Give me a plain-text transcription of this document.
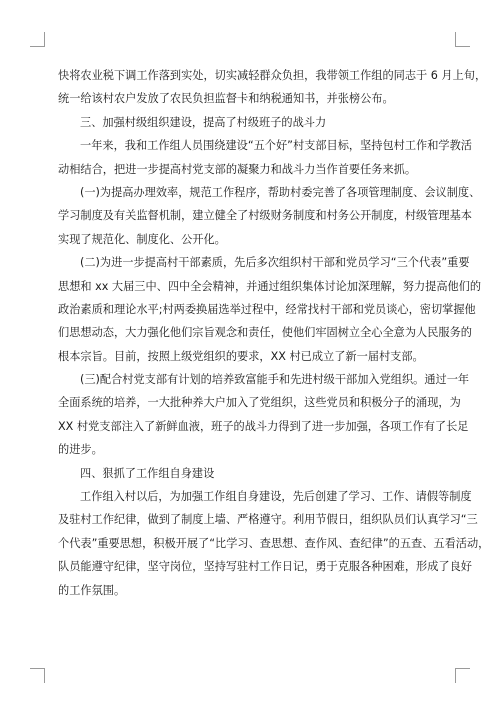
快将农业税下调工作落到实处，切实减轻群众负担，我带领工作组的同志于 6 月上旬，
统一给该村农户发放了农民负担监督卡和纳税通知书，并张榜公布。
三、加强村级组织建设，提高了村级班子的战斗力
一年来，我和工作组人员围绕建设“五个好”村支部目标，坚持包村工作和学教活
动相结合，把进一步提高村党支部的凝聚力和战斗力当作首要任务来抓。
(一)为提高办理效率，规范工作程序，帮助村委完善了各项管理制度、会议制度、
学习制度及有关监督机制，建立健全了村级财务制度和村务公开制度，村级管理基本
实现了规范化、制度化、公开化。
(二)为进一步提高村干部素质，先后多次组织村干部和党员学习“三个代表”重要
思想和 xx 大届三中、四中全会精神，并通过组织集体讨论加深理解，努力提高他们的
政治素质和理论水平;村两委换届选举过程中，经常找村干部和党员谈心，密切掌握他
们思想动态，大力强化他们宗旨观念和责任，使他们牢固树立全心全意为人民服务的
根本宗旨。目前，按照上级党组织的要求，XX 村已成立了新一届村支部。
(三)配合村党支部有计划的培养致富能手和先进村级干部加入党组织。通过一年
全面系统的培养，一大批种养大户加入了党组织，这些党员和积极分子的涌现，为
XX 村党支部注入了新鲜血液，班子的战斗力得到了进一步加强，各项工作有了长足
的进步。
四、狠抓了工作组自身建设
工作组入村以后，为加强工作组自身建设，先后创建了学习、工作、请假等制度
及驻村工作纪律，做到了制度上墙、严格遵守。利用节假日，组织队员们认真学习“三
个代表”重要思想，积极开展了“比学习、查思想、查作风、查纪律”的五查、五看活动，
队员能遵守纪律，坚守岗位，坚持写驻村工作日记，勇于克服各种困难，形成了良好
的工作氛围。
